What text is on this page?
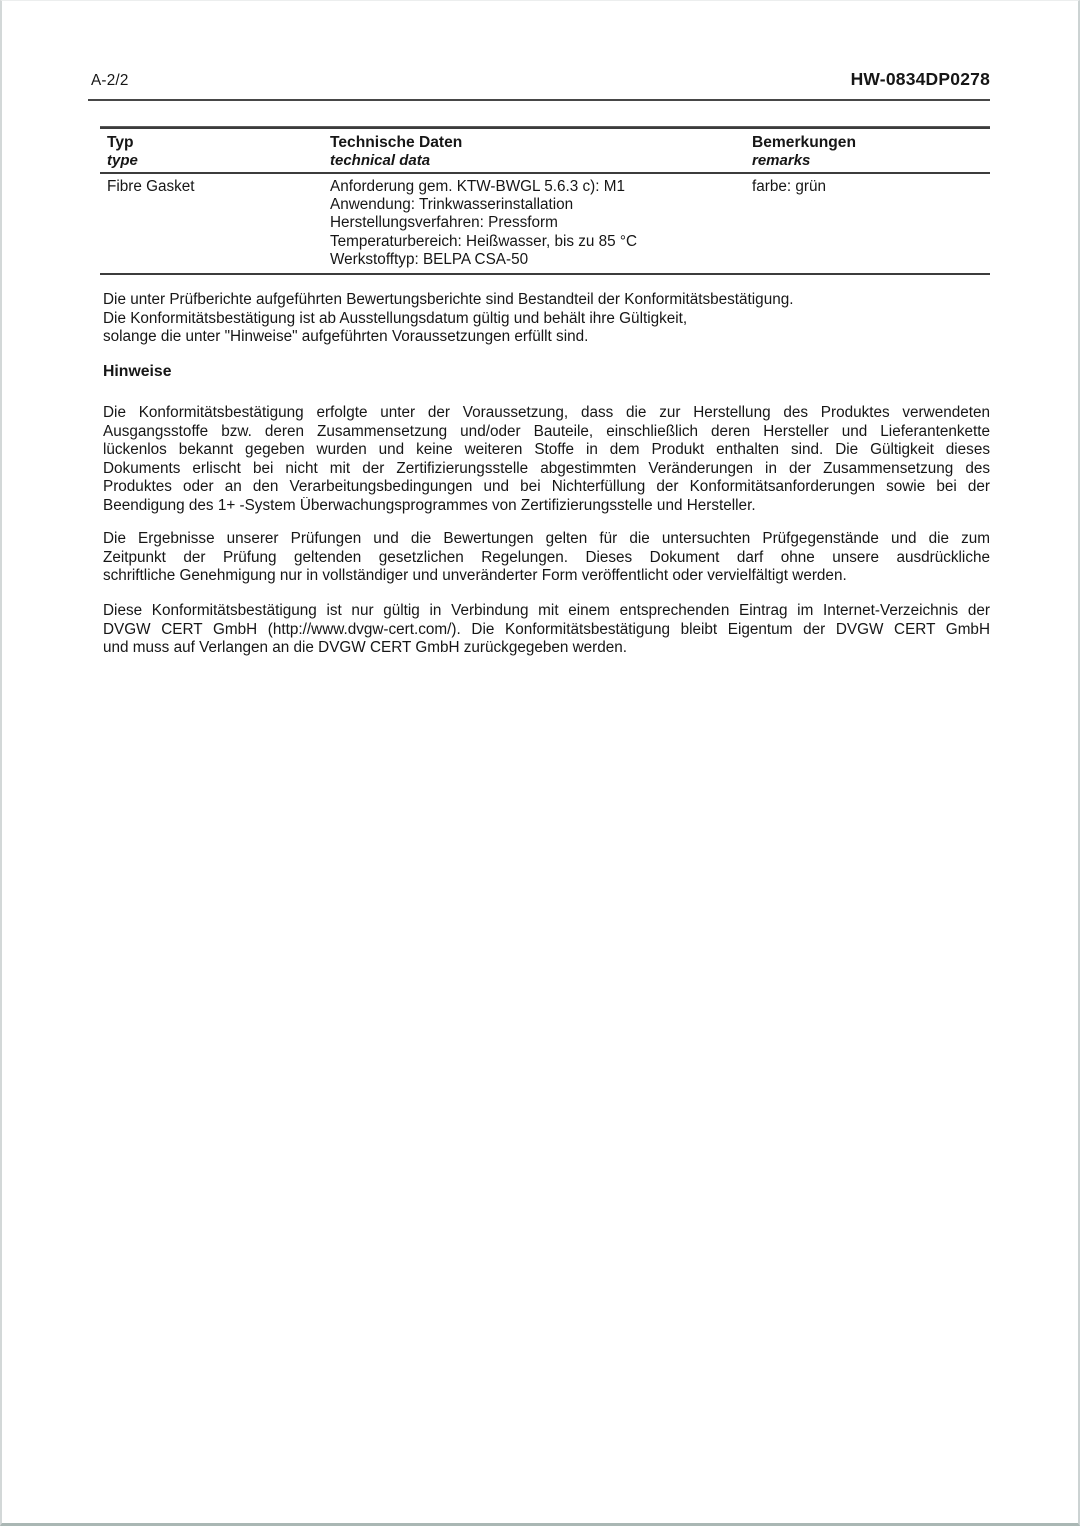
A-2/2	HW-0834DP0278
Typ
type
Technische Daten
technical data
Bemerkungen
remarks
Fibre Gasket	Anforderung gem. KTW-BWGL 5.6.3 c): M1
Anwendung: Trinkwasserinstallation
Herstellungsverfahren: Pressform
Temperaturbereich: Heißwasser, bis zu 85 °C
Werkstofftyp: BELPA CSA-50
farbe: grün
Die unter Prüfberichte aufgeführten Bewertungsberichte sind Bestandteil der Konformitätsbestätigung.
Die Konformitätsbestätigung ist ab Ausstellungsdatum gültig und behält ihre Gültigkeit,
solange die unter "Hinweise" aufgeführten Voraussetzungen erfüllt sind.
Hinweise
Die Konformitätsbestätigung erfolgte unter der Voraussetzung, dass die zur Herstellung des Produktes verwendeten
Ausgangsstoffe bzw. deren Zusammensetzung und/oder Bauteile, einschließlich deren Hersteller und Lieferantenkette
lückenlos bekannt gegeben wurden und keine weiteren Stoffe in dem Produkt enthalten sind. Die Gültigkeit dieses
Dokuments erlischt bei nicht mit der Zertifizierungsstelle abgestimmten Veränderungen in der Zusammensetzung des
Produktes oder an den Verarbeitungsbedingungen und bei Nichterfüllung der Konformitätsanforderungen sowie bei der
Beendigung des 1+ -System Überwachungsprogrammes von Zertifizierungsstelle und Hersteller.
Die Ergebnisse unserer Prüfungen und die Bewertungen gelten für die untersuchten Prüfgegenstände und die zum
Zeitpunkt der Prüfung geltenden gesetzlichen Regelungen. Dieses Dokument darf ohne unsere ausdrückliche
schriftliche Genehmigung nur in vollständiger und unveränderter Form veröffentlicht oder vervielfältigt werden.
Diese Konformitätsbestätigung ist nur gültig in Verbindung mit einem entsprechenden Eintrag im Internet-Verzeichnis der
DVGW CERT GmbH (http://www.dvgw-cert.com/). Die Konformitätsbestätigung bleibt Eigentum der DVGW CERT GmbH
und muss auf Verlangen an die DVGW CERT GmbH zurückgegeben werden.
